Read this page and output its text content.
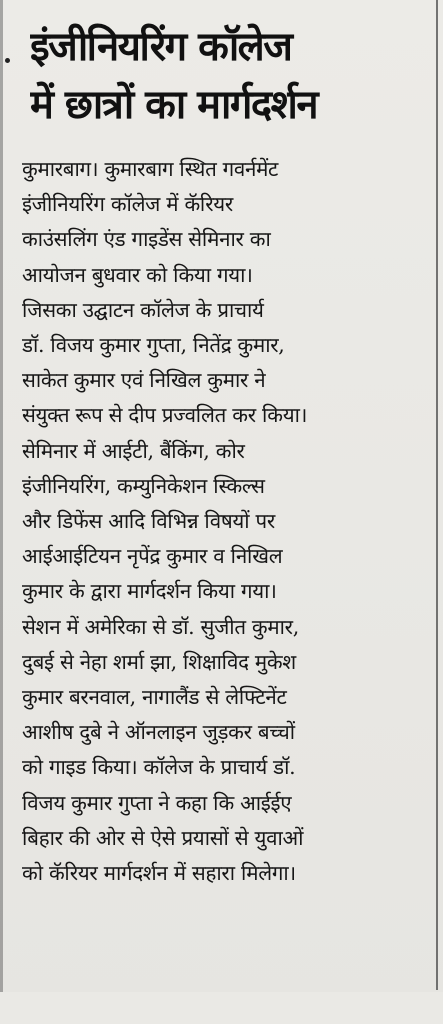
इंजीनियरिंग कॉलेज
में छात्रों का मार्गदर्शन
कुमारबाग। कुमारबाग स्थित गवर्नमेंट
इंजीनियरिंग कॉलेज में कॅरियर
काउंसलिंग एंड गाइडेंस सेमिनार का
आयोजन बुधवार को किया गया।
जिसका उद्घाटन कॉलेज के प्राचार्य
डॉ. विजय कुमार गुप्ता, नितेंद्र कुमार,
साकेत कुमार एवं निखिल कुमार ने
संयुक्त रूप से दीप प्रज्वलित कर किया।
सेमिनार में आईटी, बैंकिंग, कोर
इंजीनियरिंग, कम्युनिकेशन स्किल्स
और डिफेंस आदि विभिन्न विषयों पर
आईआईटियन नृपेंद्र कुमार व निखिल
कुमार के द्वारा मार्गदर्शन किया गया।
सेशन में अमेरिका से डॉ. सुजीत कुमार,
दुबई से नेहा शर्मा झा, शिक्षाविद मुकेश
कुमार बरनवाल, नागालैंड से लेफ्टिनेंट
आशीष दुबे ने ऑनलाइन जुड़कर बच्चों
को गाइड किया। कॉलेज के प्राचार्य डॉ.
विजय कुमार गुप्ता ने कहा कि आईईए
बिहार की ओर से ऐसे प्रयासों से युवाओं
को कॅरियर मार्गदर्शन में सहारा मिलेगा।
